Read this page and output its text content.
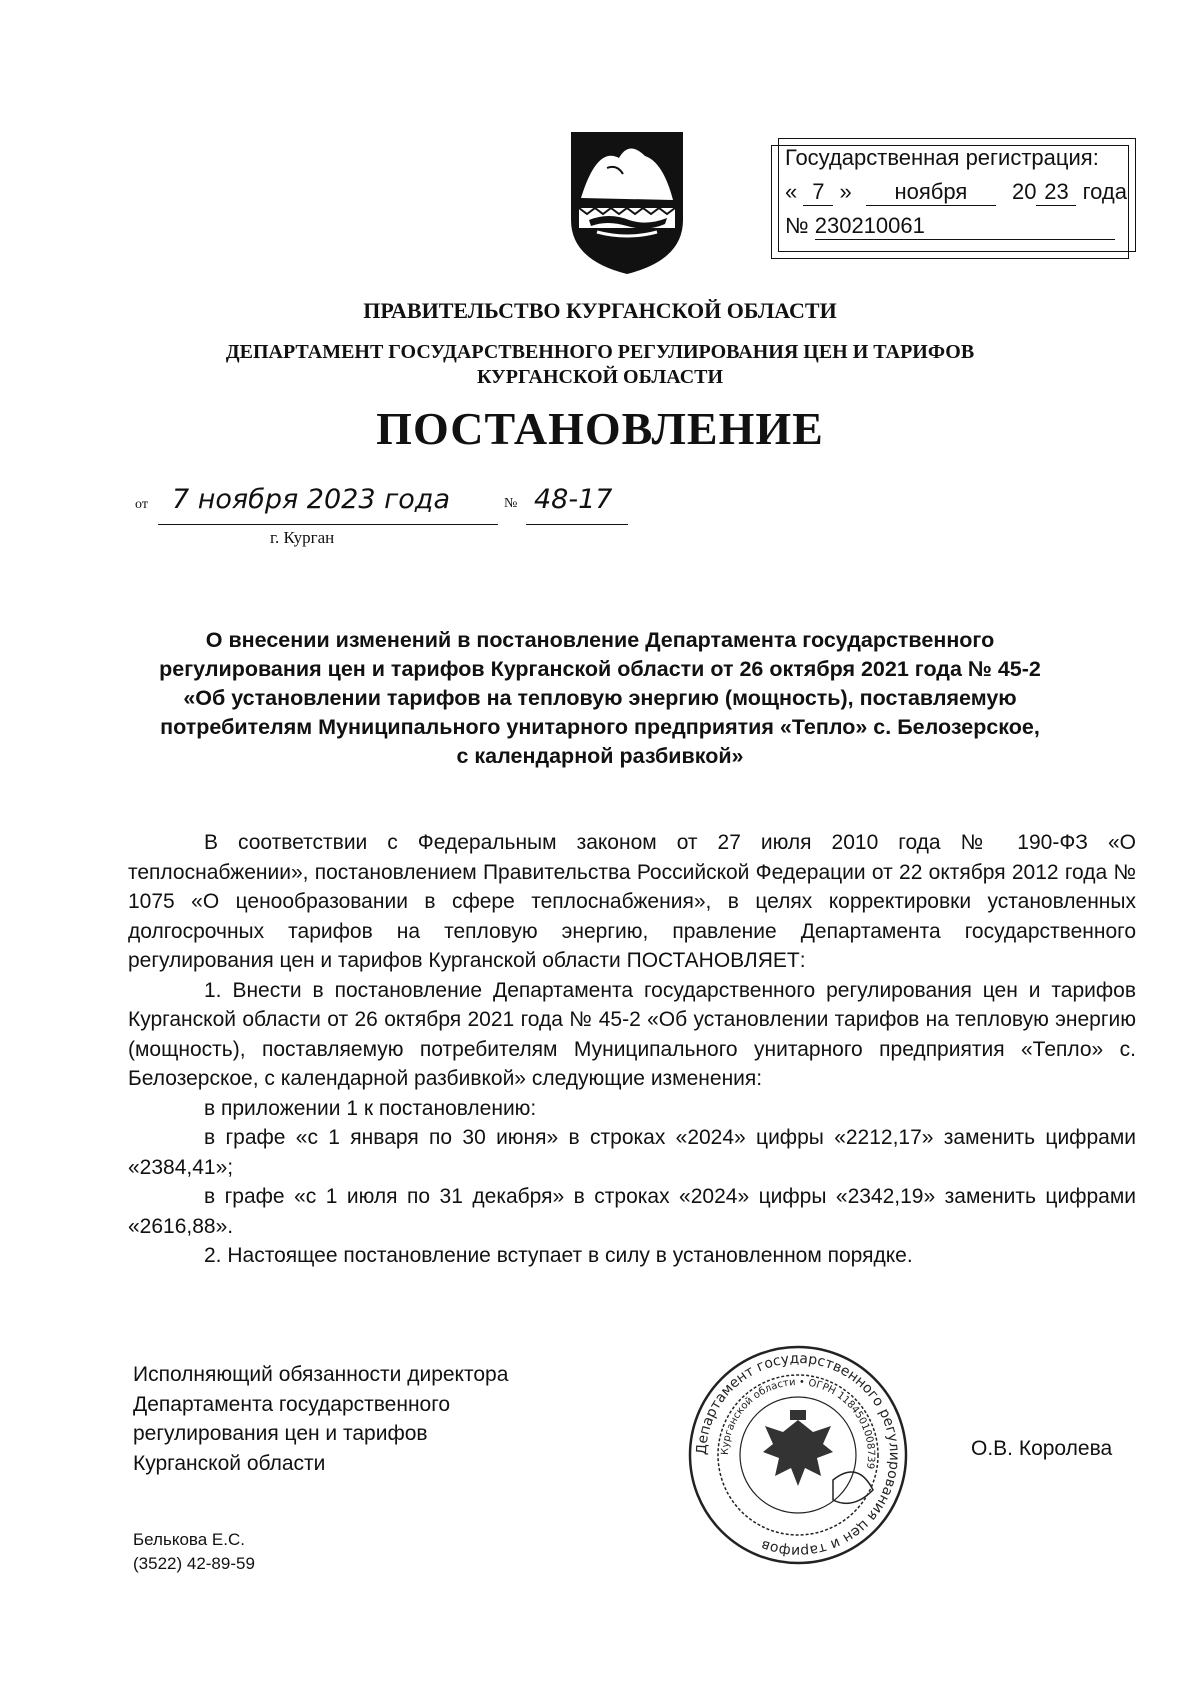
Государственная регистрация:
« 7 » ноября 20 23 года
№ 230210061
ПРАВИТЕЛЬСТВО КУРГАНСКОЙ ОБЛАСТИ
ДЕПАРТАМЕНТ ГОСУДАРСТВЕННОГО РЕГУЛИРОВАНИЯ ЦЕН И ТАРИФОВ
КУРГАНСКОЙ ОБЛАСТИ
ПОСТАНОВЛЕНИЕ
от 7 ноября 2023 года	№ 48-17
г. Курган
О внесении изменений в постановление Департамента государственного
регулирования цен и тарифов Курганской области от 26 октября 2021 года № 45-2
«Об установлении тарифов на тепловую энергию (мощность), поставляемую
потребителям Муниципального унитарного предприятия «Тепло» с. Белозерское,
с календарной разбивкой»

В соответствии с Федеральным законом от 27 июля 2010 года № 190-ФЗ «О теплоснабжении», постановлением Правительства Российской Федерации от 22 октября 2012 года № 1075 «О ценообразовании в сфере теплоснабжения», в целях корректировки установленных долгосрочных тарифов на тепловую энергию, правление Департамента государственного регулирования цен и тарифов Курганской области ПОСТАНОВЛЯЕТ:

1. Внести в постановление Департамента государственного регулирования цен и тарифов Курганской области от 26 октября 2021 года № 45-2 «Об установлении тарифов на тепловую энергию (мощность), поставляемую потребителям Муниципального унитарного предприятия «Тепло» с. Белозерское, с календарной разбивкой» следующие изменения:

в приложении 1 к постановлению:

в графе «с 1 января по 30 июня» в строках «2024» цифры «2212,17» заменить цифрами «2384,41»;

в графе «с 1 июля по 31 декабря» в строках «2024» цифры «2342,19» заменить цифрами «2616,88».

2. Настоящее постановление вступает в силу в установленном порядке.

Исполняющий обязанности директора
Департамента государственного
регулирования цен и тарифов
Курганской области
Департамент государственного регулирования цен и тарифов
Курганской области • ОГРН 1184501008739
О.В. Королева
Белькова Е.С.
(3522) 42-89-59
